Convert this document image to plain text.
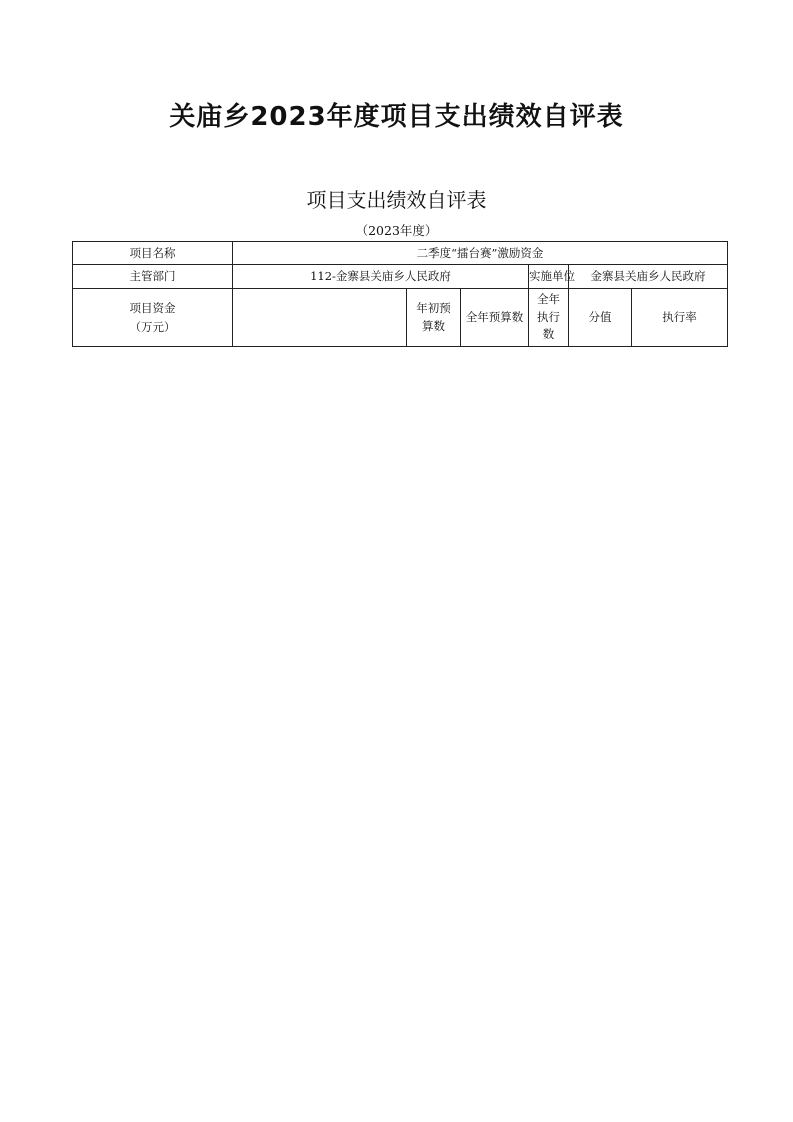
关庙乡2023年度项目支出绩效自评表
项目支出绩效自评表
（2023年度）
项目名称	二季度“擂台赛”激励资金						
主管部门	112-金寨县关庙乡人民政府			实施单位	金寨县关庙乡人民政府		

项目资金
（万元）		年初预算数	全年预算数	全年执行数	分值	执行率	
